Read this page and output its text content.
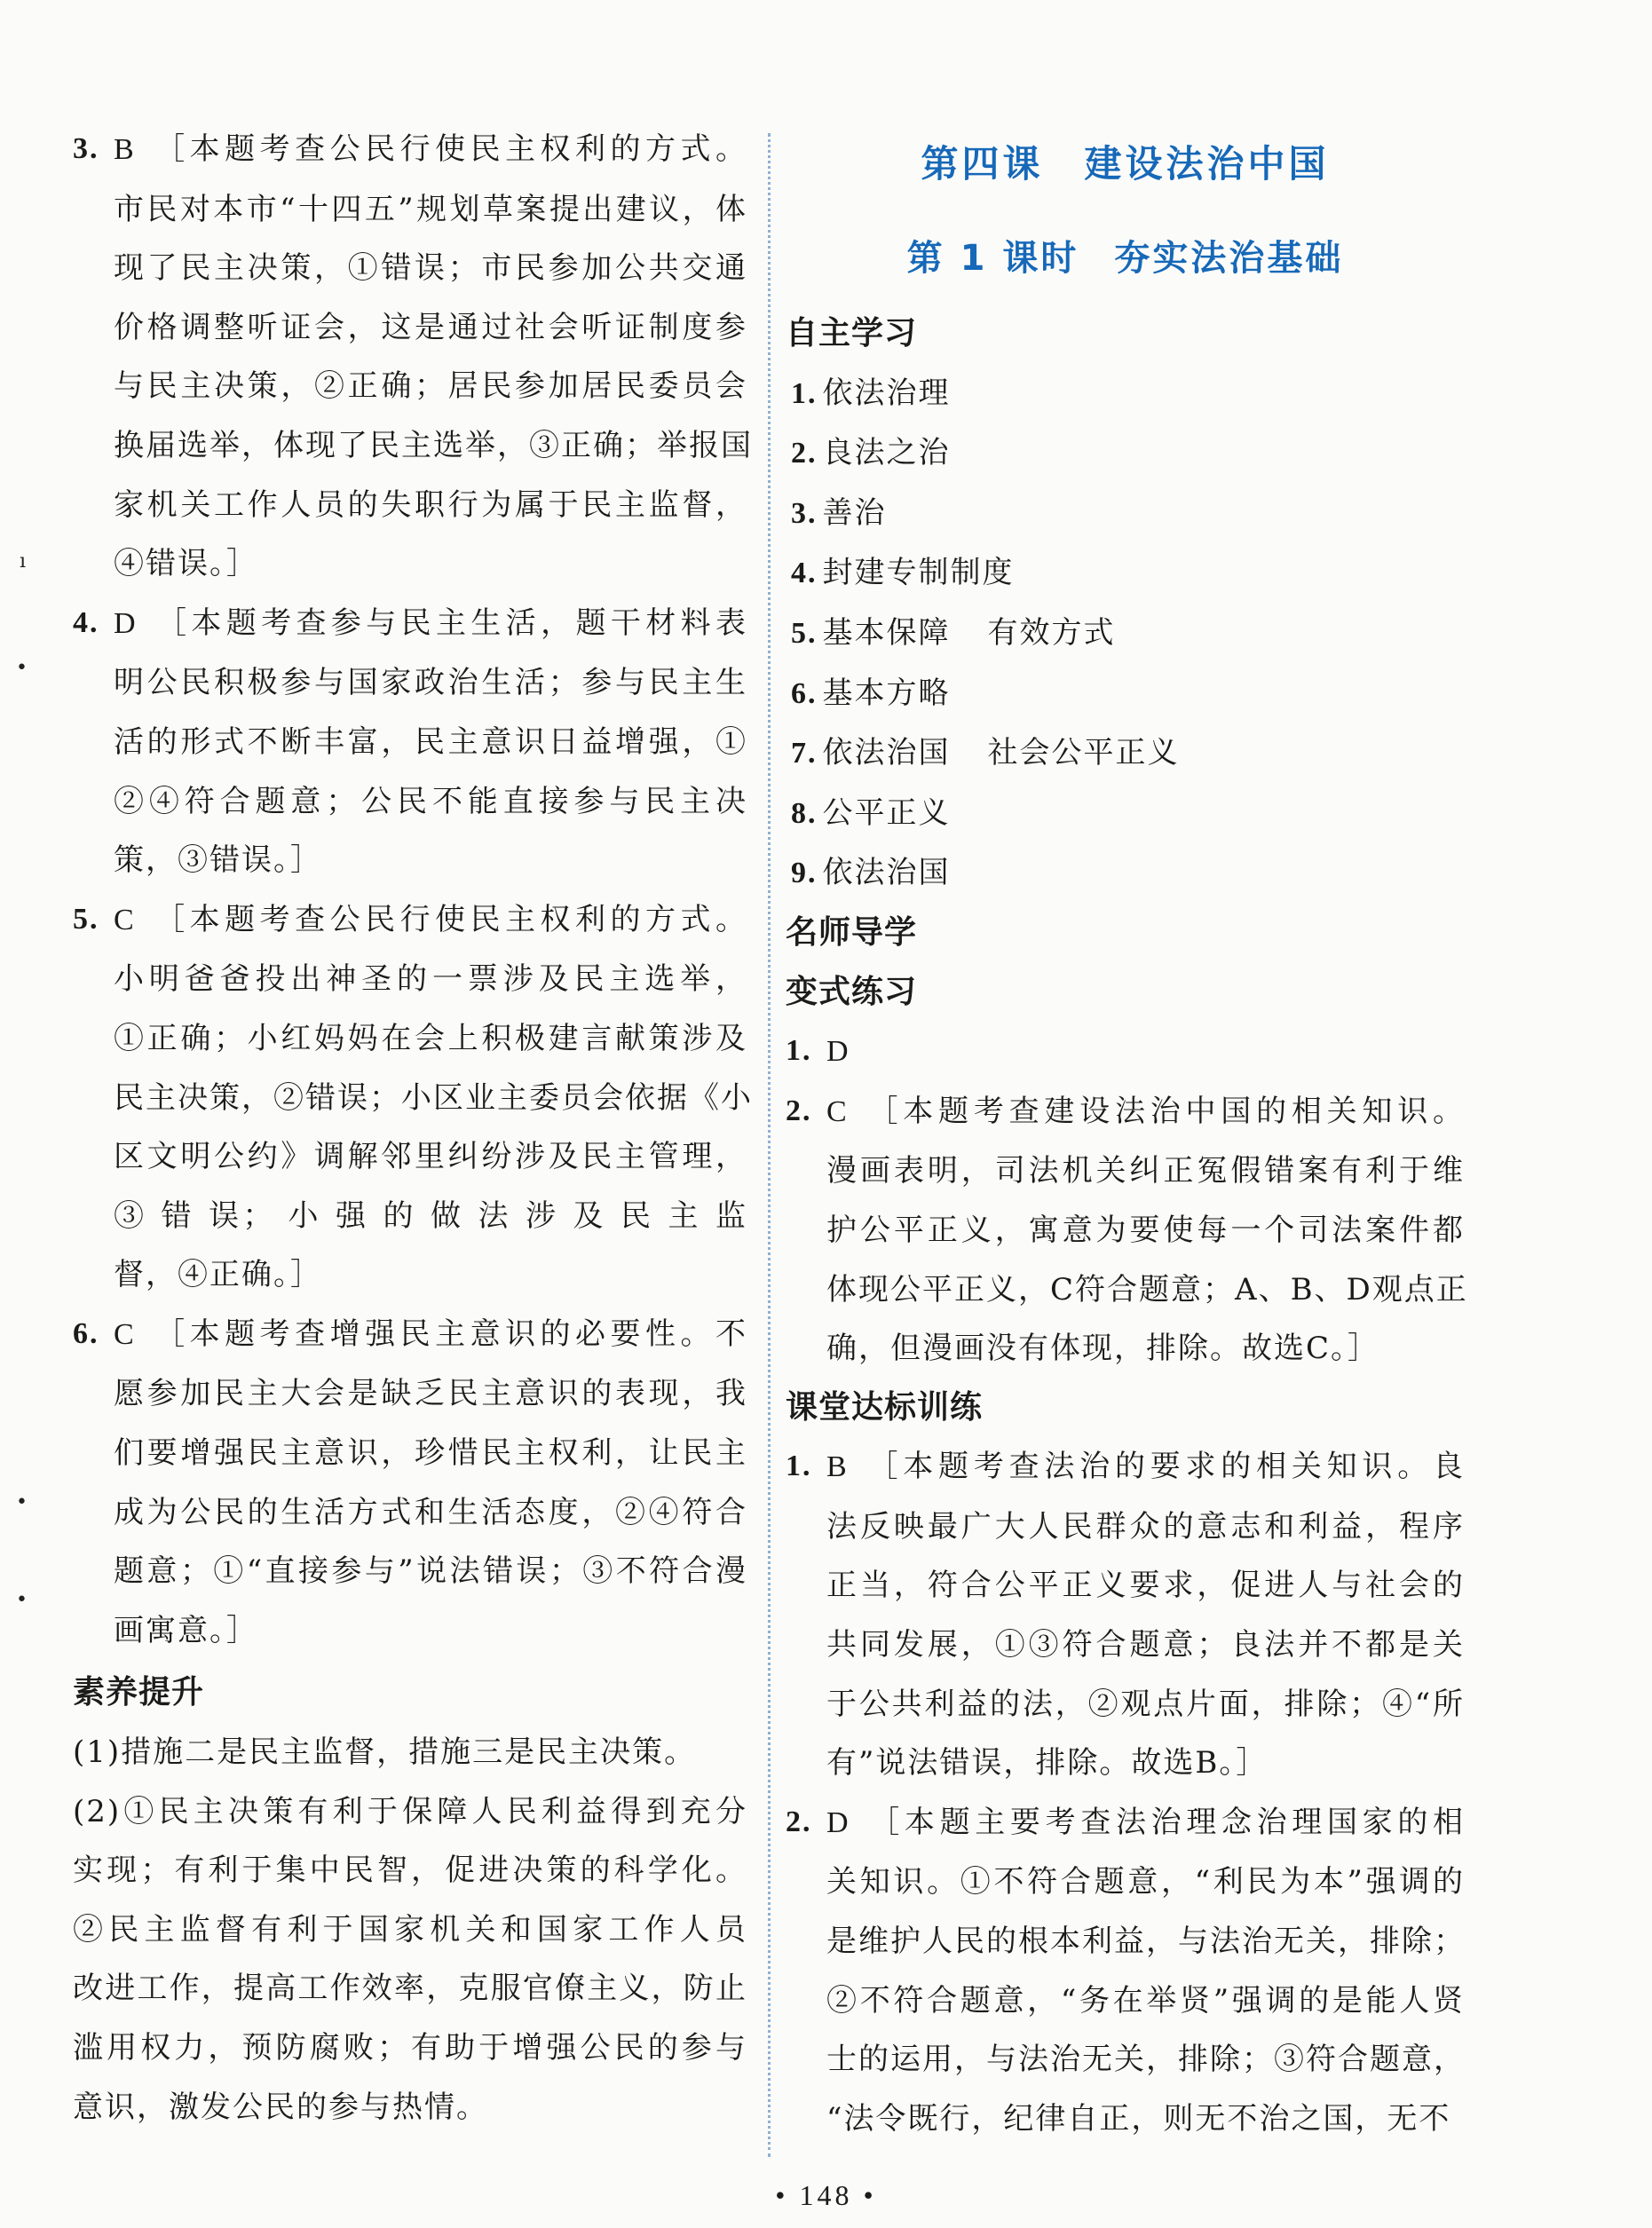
ı
•
•
•
3. B ［本题考查公民行使民主权利的方式。
市民对本市“十四五”规划草案提出建议，体
现了民主决策，①错误；市民参加公共交通
价格调整听证会，这是通过社会听证制度参
与民主决策，②正确；居民参加居民委员会
换届选举，体现了民主选举，③正确；举报国
家机关工作人员的失职行为属于民主监督，
④错误。］
4. D ［本题考查参与民主生活，题干材料表
明公民积极参与国家政治生活；参与民主生
活的形式不断丰富，民主意识日益增强，①
②④符合题意；公民不能直接参与民主决
策，③错误。］
5. C ［本题考查公民行使民主权利的方式。
小明爸爸投出神圣的一票涉及民主选举，
①正确；小红妈妈在会上积极建言献策涉及
民主决策，②错误；小区业主委员会依据《小
区文明公约》调解邻里纠纷涉及民主管理，
③ 错 误； 小 强 的 做 法 涉 及 民 主 监
督，④正确。］
6. C ［本题考查增强民主意识的必要性。不
愿参加民主大会是缺乏民主意识的表现，我
们要增强民主意识，珍惜民主权利，让民主
成为公民的生活方式和生活态度，②④符合
题意；①“直接参与”说法错误；③不符合漫
画寓意。］
素养提升
(1)措施二是民主监督，措施三是民主决策。
(2)①民主决策有利于保障人民利益得到充分
实现；有利于集中民智，促进决策的科学化。
②民主监督有利于国家机关和国家工作人员
改进工作，提高工作效率，克服官僚主义，防止
滥用权力，预防腐败；有助于增强公民的参与
意识，激发公民的参与热情。
第四课　建设法治中国
第 1 课时 夯实法治基础
自主学习
1. 依法治理
2. 良法之治
3. 善治
4. 封建专制制度
5. 基本保障 有效方式
6. 基本方略
7. 依法治国 社会公平正义
8. 公平正义
9. 依法治国
名师导学
变式练习
1. D
2. C ［本题考查建设法治中国的相关知识。
漫画表明，司法机关纠正冤假错案有利于维
护公平正义，寓意为要使每一个司法案件都
体现公平正义，C符合题意；A、B、D观点正
确，但漫画没有体现，排除。故选C。］
课堂达标训练
1. B ［本题考查法治的要求的相关知识。良
法反映最广大人民群众的意志和利益，程序
正当，符合公平正义要求，促进人与社会的
共同发展，①③符合题意；良法并不都是关
于公共利益的法，②观点片面，排除；④“所
有”说法错误，排除。故选B。］
2. D ［本题主要考查法治理念治理国家的相
关知识。①不符合题意，“利民为本”强调的
是维护人民的根本利益，与法治无关，排除；
②不符合题意，“务在举贤”强调的是能人贤
士的运用，与法治无关，排除；③符合题意，
“法令既行，纪律自正，则无不治之国，无不
• 148 •
